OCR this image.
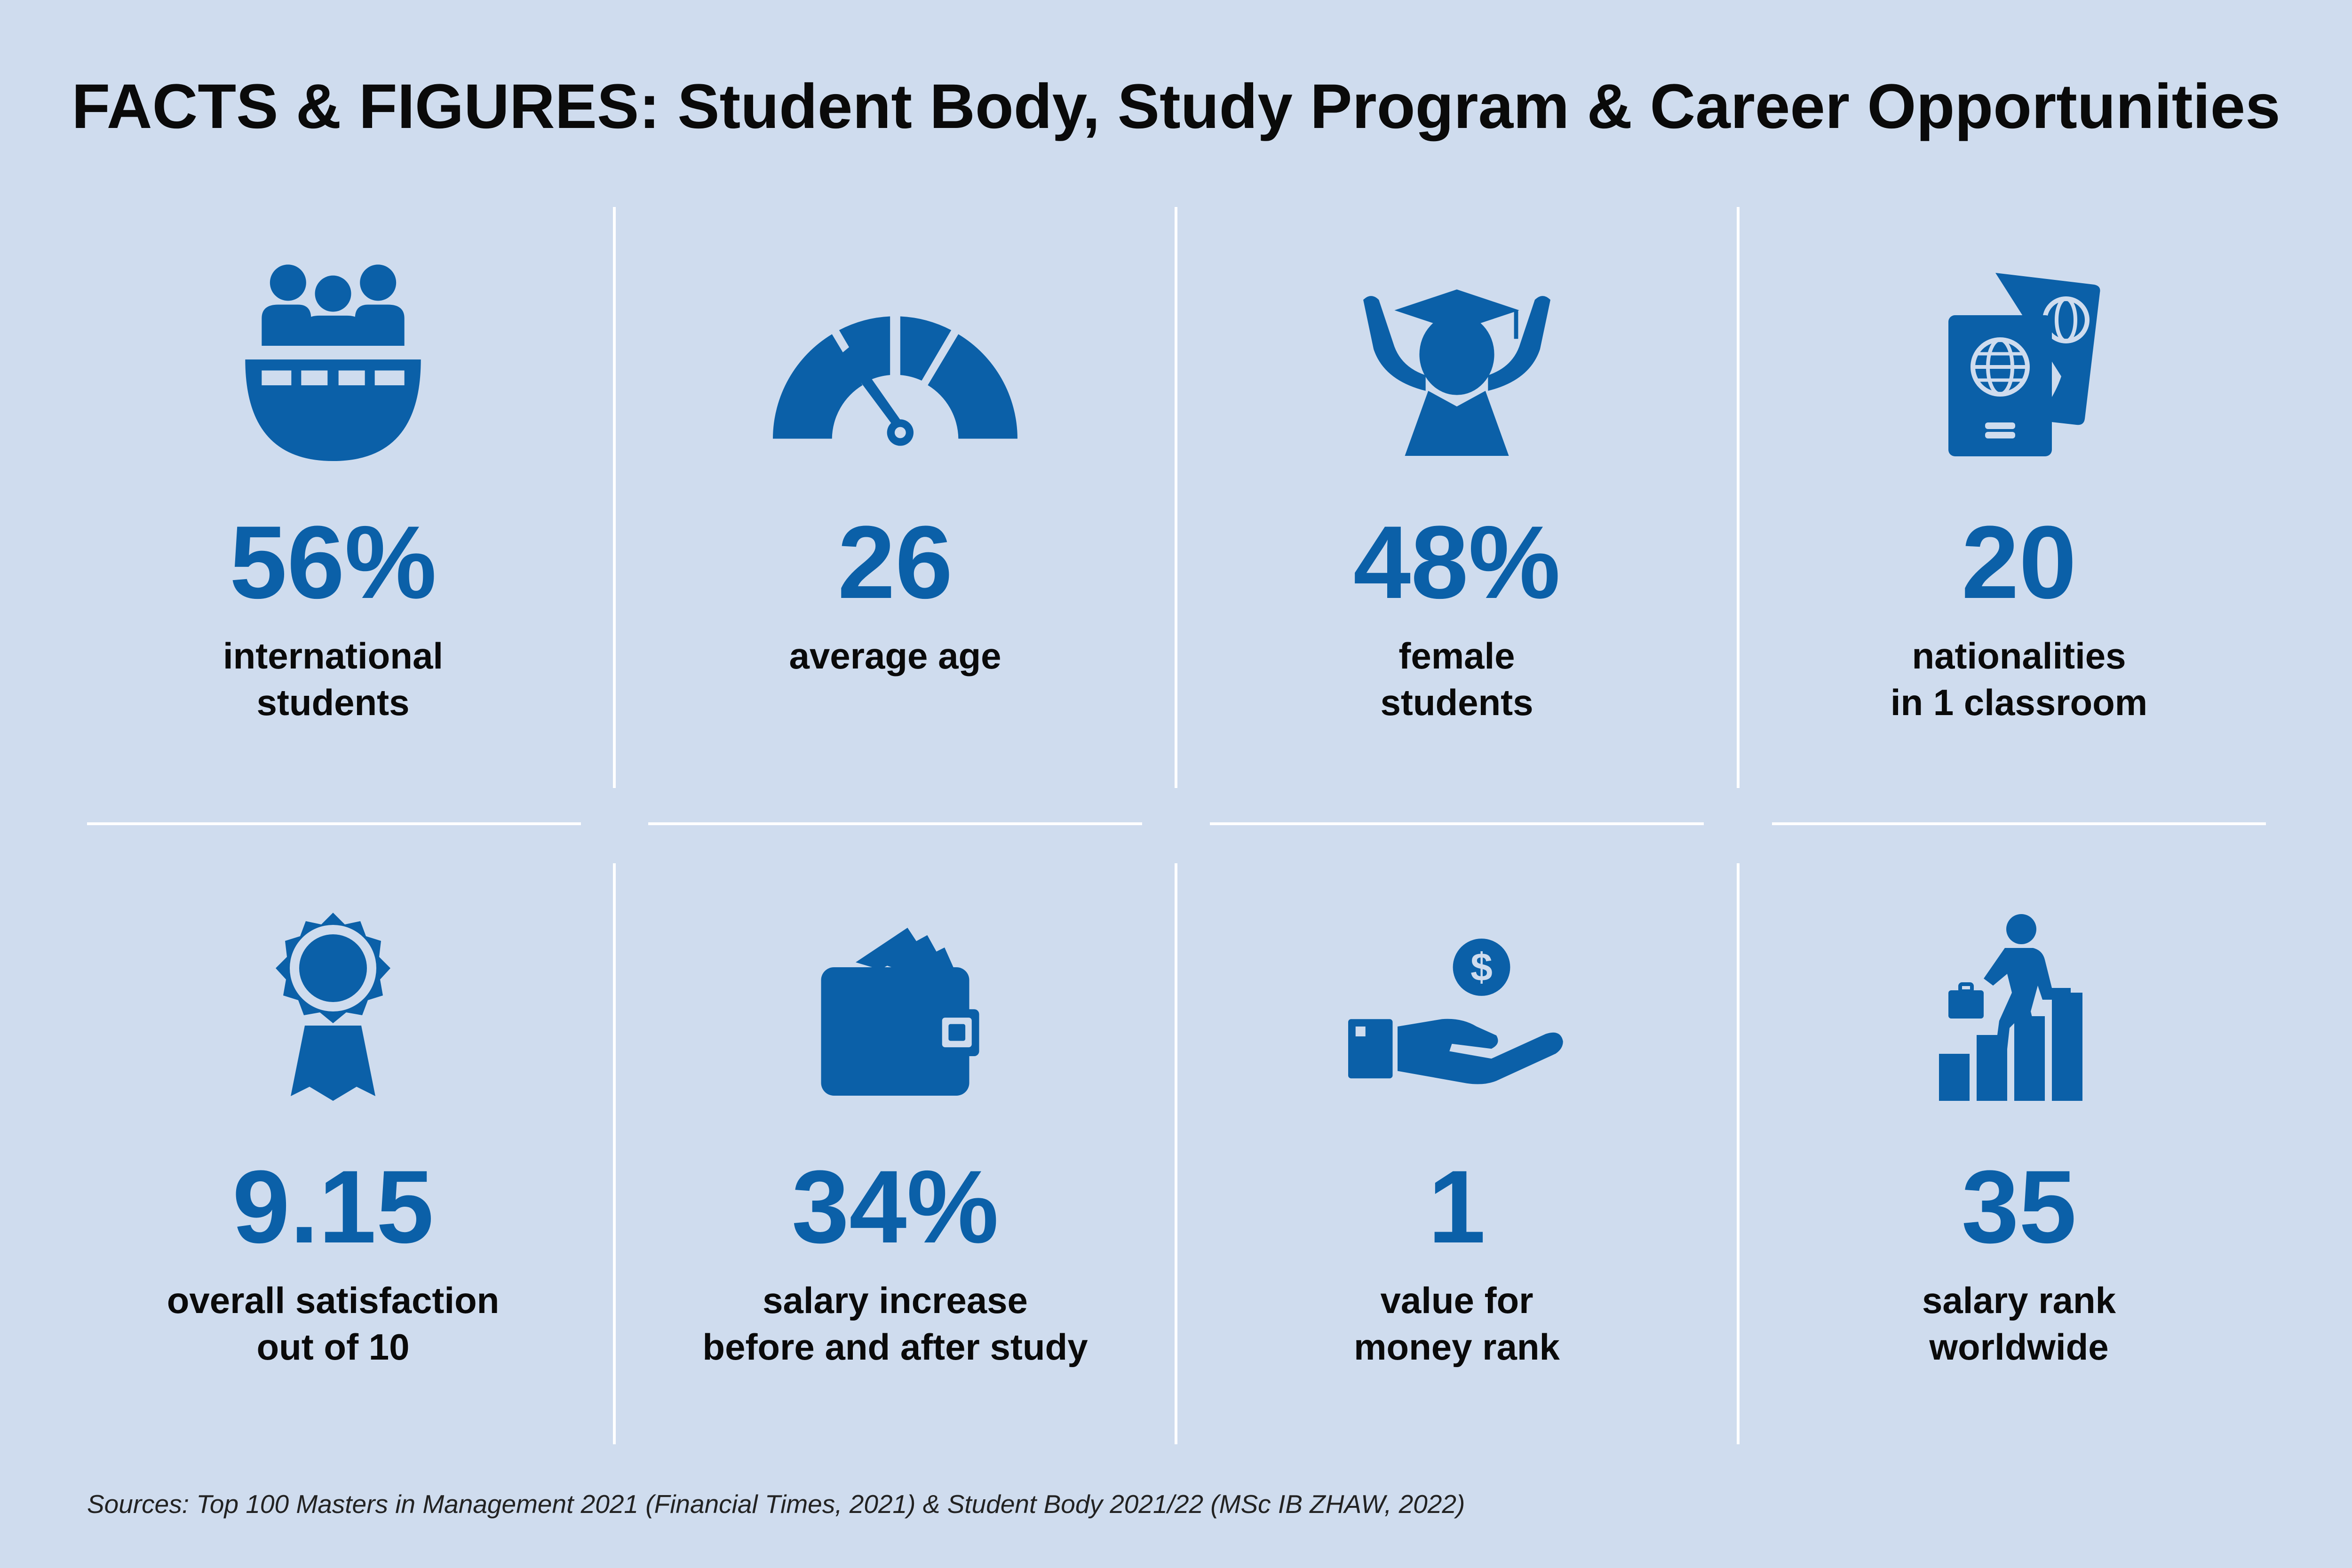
FACTS & FIGURES: Student Body, Study Program & Career Opportunities
56%
international
students
26
average age
48%
female
students
20
nationalities
in 1 classroom
9.15
overall satisfaction
out of 10
34%
salary increase
before and after study
$
1
value for
money rank
35
salary rank
worldwide
Sources: Top 100 Masters in Management 2021 (Financial Times, 2021) & Student Body 2021/22 (MSc IB ZHAW, 2022)
